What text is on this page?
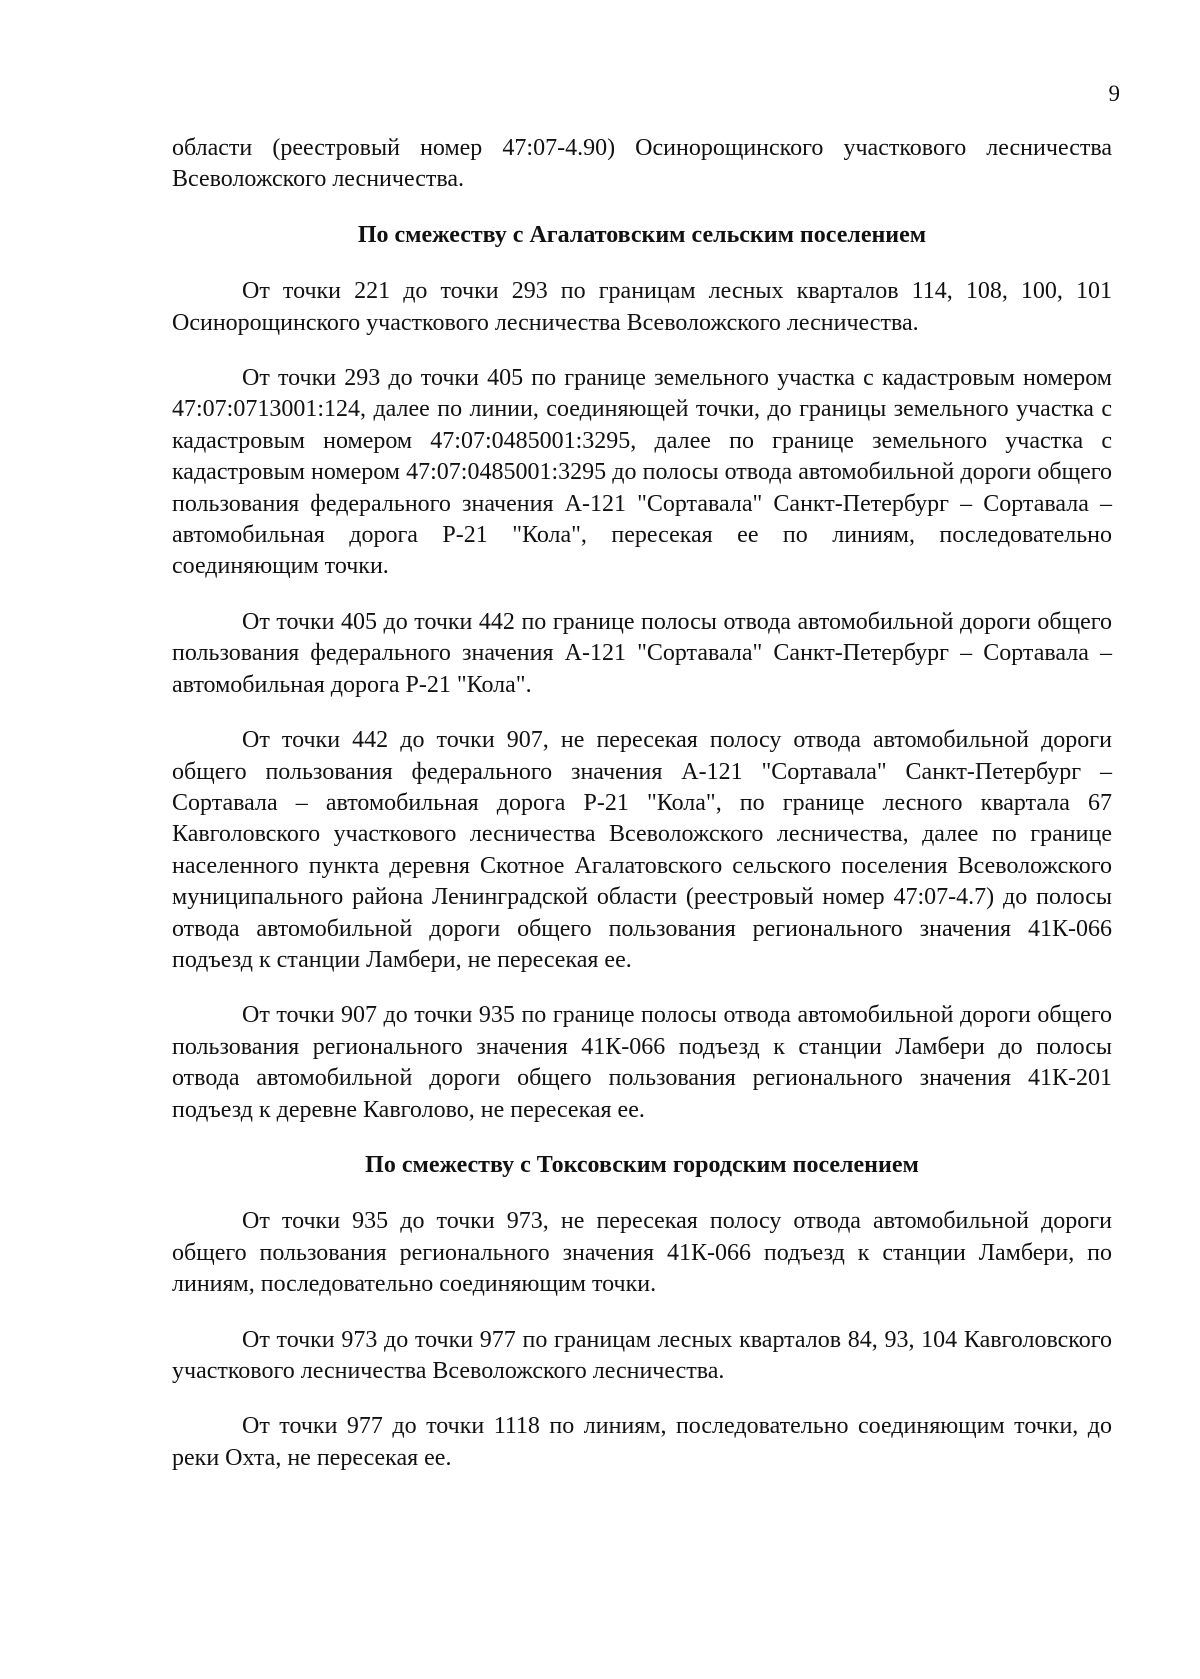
9

области (реестровый номер 47:07-4.90) Осинорощинского участкового лесничества Всеволожского лесничества.

По смежеству с Агалатовским сельским поселением

От точки 221 до точки 293 по границам лесных кварталов 114, 108, 100, 101 Осинорощинского участкового лесничества Всеволожского лесничества.

От точки 293 до точки 405 по границе земельного участка с кадастровым номером 47:07:0713001:124, далее по линии, соединяющей точки, до границы земельного участка с кадастровым номером 47:07:0485001:3295, далее по границе земельного участка с кадастровым номером 47:07:0485001:3295 до полосы отвода автомобильной дороги общего пользования федерального значения А-121 "Сортавала" Санкт-Петербург – Сортавала – автомобильная дорога Р-21 "Кола", пересекая ее по линиям, последовательно соединяющим точки.

От точки 405 до точки 442 по границе полосы отвода автомобильной дороги общего пользования федерального значения А-121 "Сортавала" Санкт-Петербург – Сортавала – автомобильная дорога Р-21 "Кола".

От точки 442 до точки 907, не пересекая полосу отвода автомобильной дороги общего пользования федерального значения А-121 "Сортавала" Санкт-Петербург – Сортавала – автомобильная дорога Р-21 "Кола", по границе лесного квартала 67 Кавголовского участкового лесничества Всеволожского лесничества, далее по границе населенного пункта деревня Скотное Агалатовского сельского поселения Всеволожского муниципального района Ленинградской области (реестровый номер 47:07-4.7) до полосы отвода автомобильной дороги общего пользования регионального значения 41К-066 подъезд к станции Ламбери, не пересекая ее.

От точки 907 до точки 935 по границе полосы отвода автомобильной дороги общего пользования регионального значения 41К-066 подъезд к станции Ламбери до полосы отвода автомобильной дороги общего пользования регионального значения 41К-201 подъезд к деревне Кавголово, не пересекая ее.

По смежеству с Токсовским городским поселением

От точки 935 до точки 973, не пересекая полосу отвода автомобильной дороги общего пользования регионального значения 41К-066 подъезд к станции Ламбери, по линиям, последовательно соединяющим точки.

От точки 973 до точки 977 по границам лесных кварталов 84, 93, 104 Кавголовского участкового лесничества Всеволожского лесничества.

От точки 977 до точки 1118 по линиям, последовательно соединяющим точки, до реки Охта, не пересекая ее.
